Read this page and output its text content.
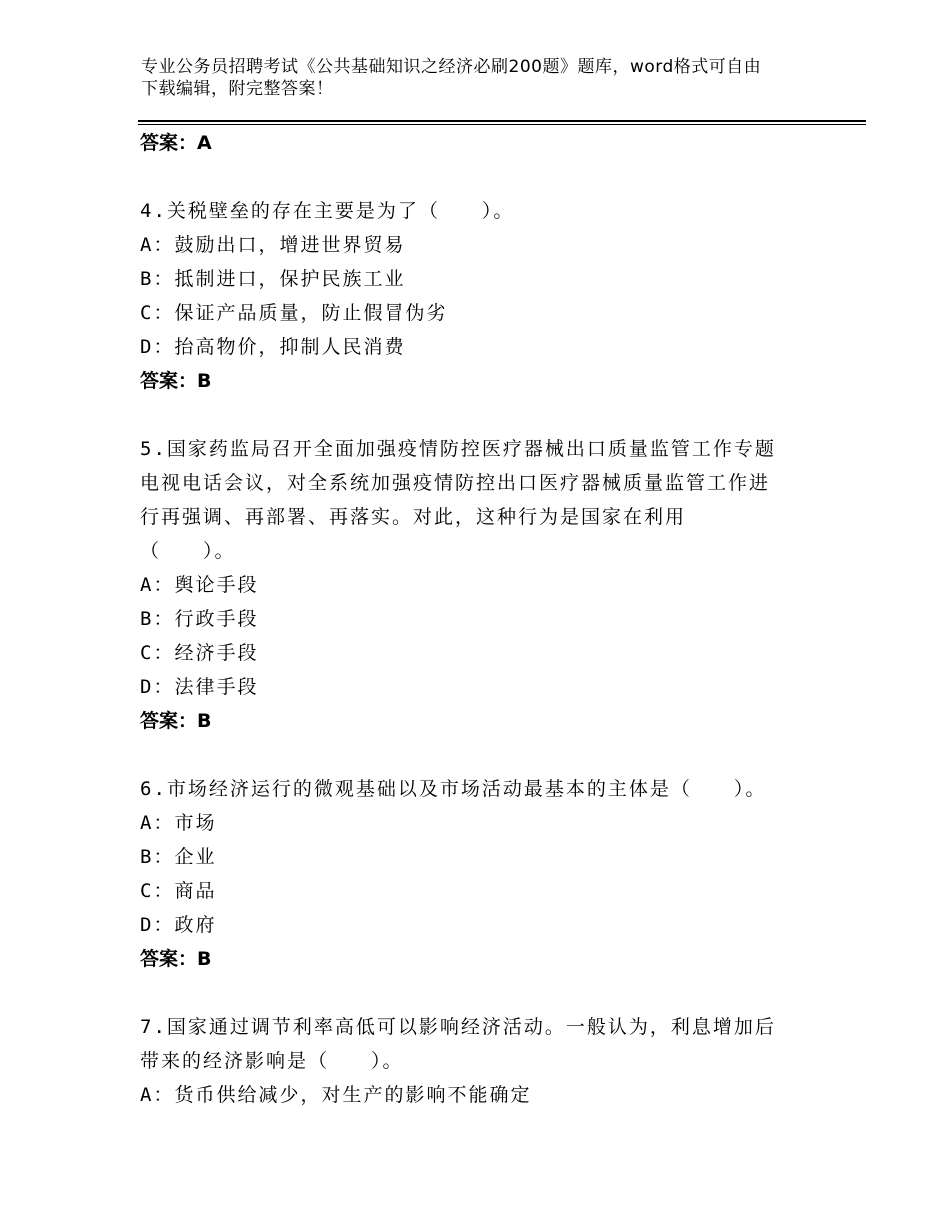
专业公务员招聘考试《公共基础知识之经济必刷200题》题库，word格式可自由
下载编辑，附完整答案！
答案：A
4.关税壁垒的存在主要是为了（　　）。
A：鼓励出口，增进世界贸易
B：抵制进口，保护民族工业
C：保证产品质量，防止假冒伪劣
D：抬高物价，抑制人民消费
答案：B
5.国家药监局召开全面加强疫情防控医疗器械出口质量监管工作专题
电视电话会议，对全系统加强疫情防控出口医疗器械质量监管工作进
行再强调、再部署、再落实。对此，这种行为是国家在利用
（　　）。
A：舆论手段
B：行政手段
C：经济手段
D：法律手段
答案：B
6.市场经济运行的微观基础以及市场活动最基本的主体是（　　）。
A：市场
B：企业
C：商品
D：政府
答案：B
7.国家通过调节利率高低可以影响经济活动。一般认为，利息增加后
带来的经济影响是（　　）。
A：货币供给减少，对生产的影响不能确定
